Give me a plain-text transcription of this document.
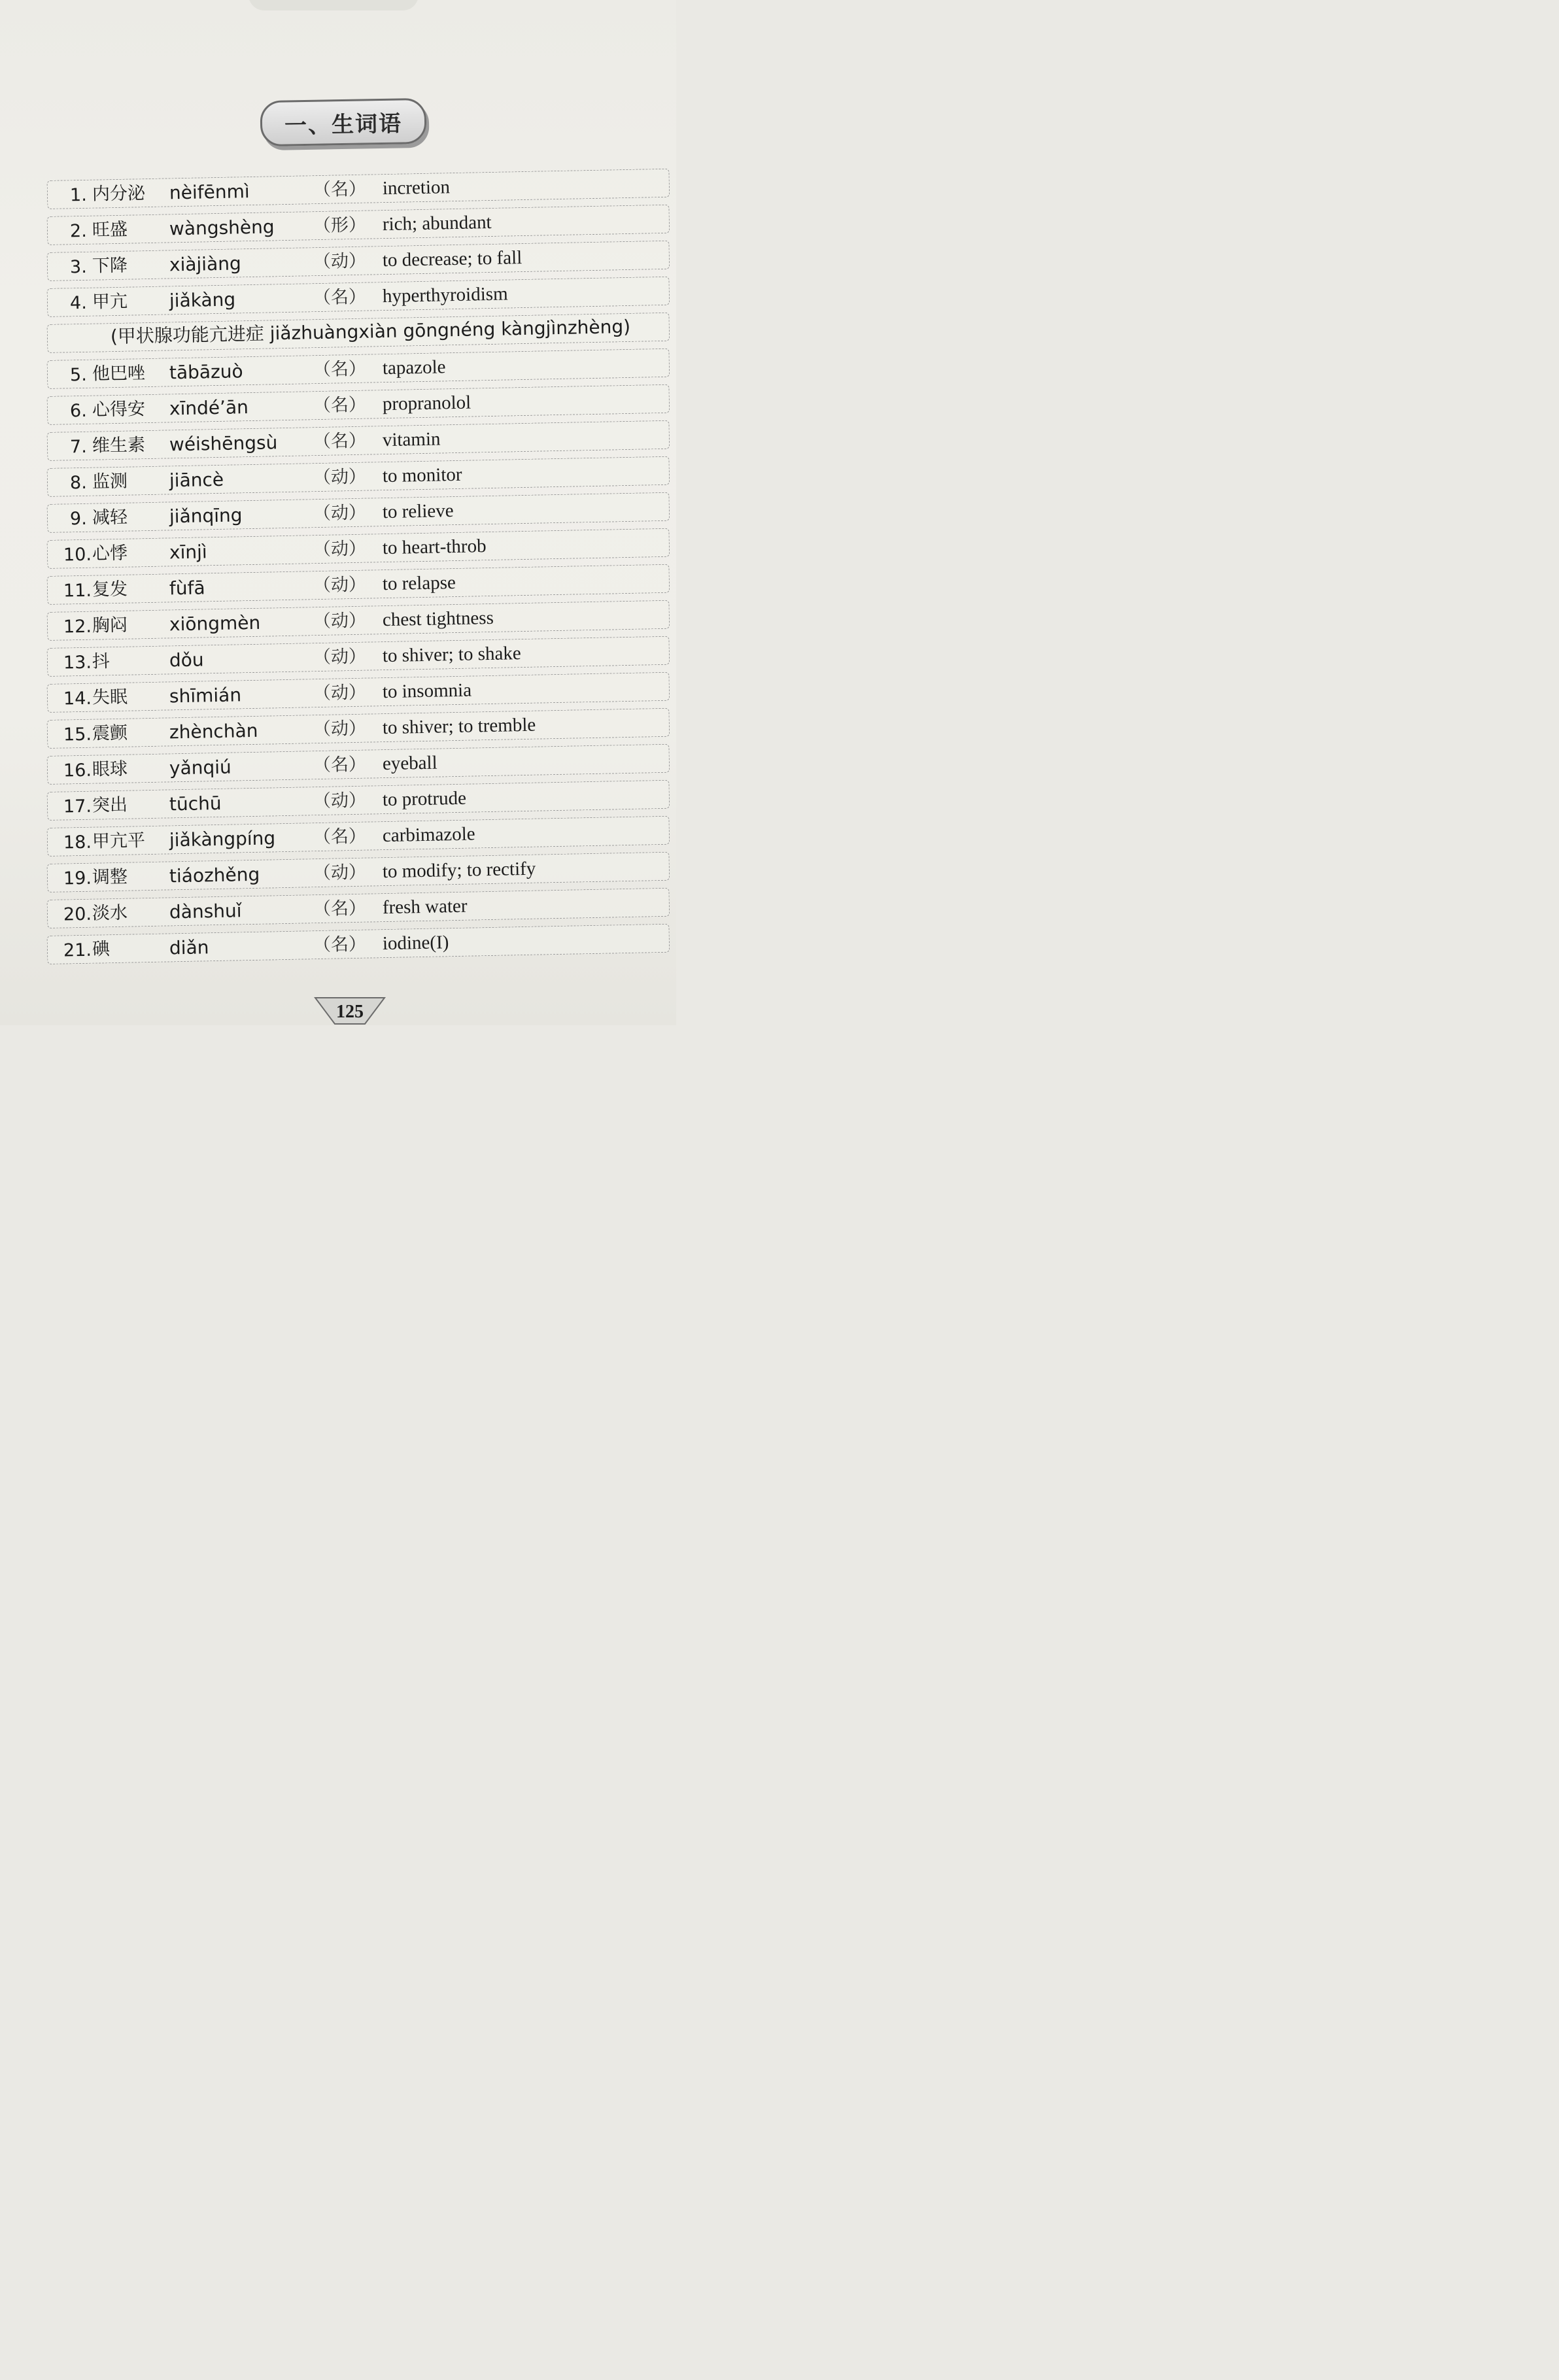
一、生词语
1. 内分泌 nèifēnmì	（名） incretion
2. 旺盛 wàngshèng （形） rich; abundant
3. 下降 xiàjiàng	（动） to decrease; to fall
4. 甲亢 jiǎkàng	（名） hyperthyroidism
(甲状腺功能亢进症 jiǎzhuàngxiàn gōngnéng kàngjìnzhèng)
5. 他巴唑 tābāzuò	（名） tapazole
6. 心得安 xīndé’ān	（名） propranolol
7. 维生素 wéishēngsù （名） vitamin
8. 监测 jiāncè	（动） to monitor
9. 减轻 jiǎnqīng	（动） to relieve
10. 心悸 xīnjì	（动） to heart-throb
11. 复发 fùfā	（动） to relapse
12. 胸闷 xiōngmèn	（动） chest tightness
13. 抖	dǒu	（动） to shiver; to shake
14. 失眠 shīmián	（动） to insomnia
15. 震颤 zhènchàn	（动） to shiver; to tremble
16. 眼球 yǎnqiú	（名） eyeball
17. 突出 tūchū	（动） to protrude
18. 甲亢平 jiǎkàngpíng （名） carbimazole
19. 调整 tiáozhěng	（动） to modify; to rectify
20. 淡水 dànshuǐ	（名） fresh water
21. 碘	diǎn	（名） iodine(I)
125
